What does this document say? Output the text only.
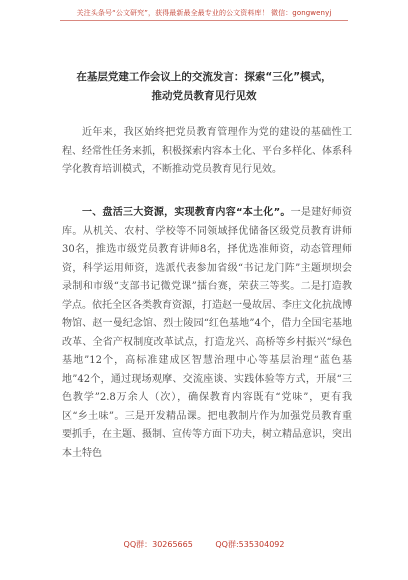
关注头条号“公文研究”，获得最新最全最专业的公文资料库！ 微信：gongwenyj
在基层党建工作会议上的交流发言：探索“三化”模式，
推动党员教育见行见效
近年来，我区始终把党员教育管理作为党的建设的基础性工程、经常性任务来抓，积极探索内容本土化、平台多样化、体系科学化教育培训模式，不断推动党员教育见行见效。
一、盘活三大资源，实现教育内容“本土化”。一是建好师资库。从机关、农村、学校等不同领域择优储备区级党员教育讲师30名，推选市级党员教育讲师8名，择优选准师资，动态管理师资，科学运用师资，选派代表参加省级“书记龙门阵”主题坝坝会录制和市级“支部书记微党课”擂台赛，荣获三等奖。二是打造教学点。依托全区各类教育资源，打造赵一曼故居、李庄文化抗战博物馆、赵一曼纪念馆、烈士陵园“红色基地”4个，借力全国宅基地改革、全省产权制度改革试点，打造龙兴、高桥等乡村振兴“绿色基地”12个，高标准建成区智慧治理中心等基层治理“蓝色基地”42个，通过现场观摩、交流座谈、实践体验等方式，开展“三色教学”2.8万余人（次），确保教育内容既有“党味”，更有我区“乡土味”。三是开发精品课。把电教制片作为加强党员教育重要抓手，在主题、摄制、宣传等方面下功夫，树立精品意识，突出本土特色
QQ群：30265665	QQ群:535304092
